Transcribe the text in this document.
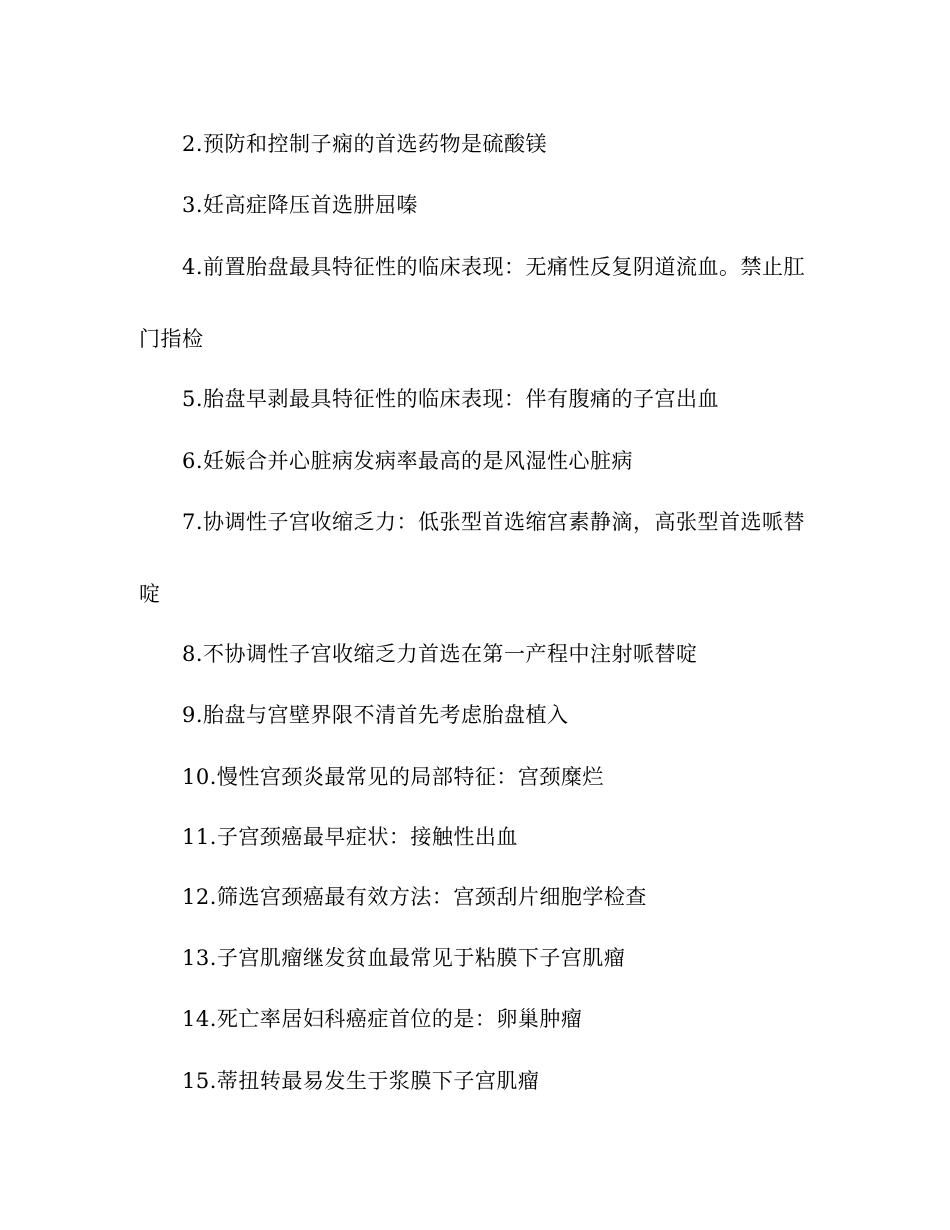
2.预防和控制子痫的首选药物是硫酸镁
3.妊高症降压首选肼屈嗪
4.前置胎盘最具特征性的临床表现：无痛性反复阴道流血。禁止肛
门指检
5.胎盘早剥最具特征性的临床表现：伴有腹痛的子宫出血
6.妊娠合并心脏病发病率最高的是风湿性心脏病
7.协调性子宫收缩乏力：低张型首选缩宫素静滴，高张型首选哌替
啶
8.不协调性子宫收缩乏力首选在第一产程中注射哌替啶
9.胎盘与宫壁界限不清首先考虑胎盘植入
10.慢性宫颈炎最常见的局部特征：宫颈糜烂
11.子宫颈癌最早症状：接触性出血
12.筛选宫颈癌最有效方法：宫颈刮片细胞学检查
13.子宫肌瘤继发贫血最常见于粘膜下子宫肌瘤
14.死亡率居妇科癌症首位的是：卵巢肿瘤
15.蒂扭转最易发生于浆膜下子宫肌瘤
